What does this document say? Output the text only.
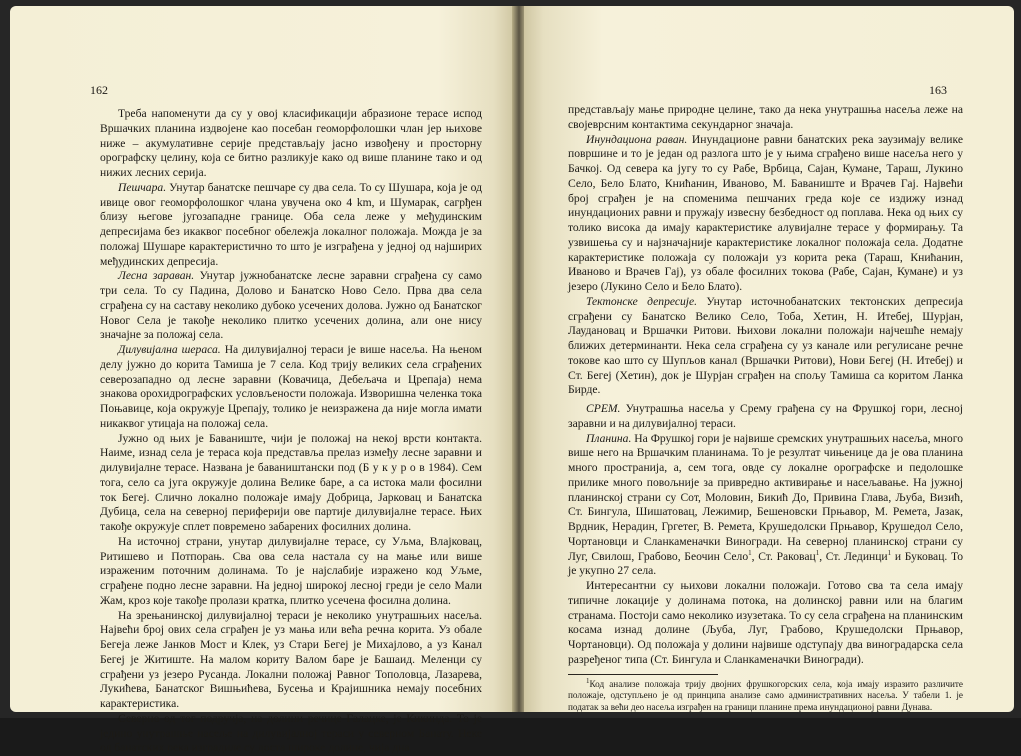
162

Треба напоменути да су у овој класификацији абразионе терасе испод Вршачких планина издвојене као посебан геоморфолошки члан јер њихове ниже – акумулативне серије представљају јасно извођену и просторну орографску целину, која се битно разликује како од више планине тако и од нижих лесних серија.

Пешчара. Унутар банатске пешчаре су два села. То су Шушара, која је од ивице овог геоморфолошког члана увучена око 4 km, и Шумарак, сагрђен близу његове југозападне границе. Оба села леже у међудинским депресијама без икаквог посебног обележја локалног положаја. Можда је за положај Шушаре карактеристично то што је изграђена у једној од најширих међудинских депресија.

Лесна зараван. Унутар јужнобанатске лесне заравни сграђена су само три села. То су Падина, Долово и Банатско Ново Село. Прва два села сграђена су на саставу неколико дубоко усечених долова. Јужно од Банатског Новог Села је такође неколико плитко усечених долина, али оне нису значајне за положај села.

Дилувијална шераса. На дилувијалној тераси је више насеља. На њеном делу јужно до корита Тамиша је 7 села. Код трију великих села сграђених северозападно од лесне заравни (Ковачица, Дебељача и Црепаја) нема знакова орохидрографских условљености положаја. Изворишна челенка тока Поњавице, која окружује Црепају, толико је неизражена да није могла имати никаквог утицаја на положај села.

Јужно од њих је Бавaниште, чији је положај на некој врсти контакта. Наиме, изнад села је тераса која представља прелаз између лесне заравни и дилувијалне терасе. Названа је бaваништански под (Б у к у р о в 1984). Сем тога, село са југа окружује долина Велике баре, а са истока мали фосилни ток Бегеј. Слично локално положаје имају Добрица, Јарковац и Банатска Дубица, села на северној периферији ове партије дилувијалне терасе. Њих такође окружује сплет повремено забарених фосилних долина.

На источној страни, унутар дилувијалне терасе, су Уљма, Влајковац, Ритишево и Потпорањ. Сва ова села настала су на мање или више израженим поточним долинама. То је најслабије изражено код Уљме, сграђене подно лесне заравни. На једној широкој лесној греди је село Мали Жам, кроз које такође пролази кратка, плитко усечена фосилна долина.

На зрењанинској дилувијалној тераси је неколико унутрашњих насеља. Највећи број ових села сграђен је уз мања или већа речна корита. Уз обале Бегеја леже Јанков Мост и Клек, уз Стари Бегеј је Михајлово, а уз Канал Бегеј је Житиште. На малом кориту Валом баре је Башаид. Меленци су сграђени уз језеро Русанда. Локални положај Равног Тополовца, Лазарева, Лукићева, Банатског Вишњићева, Бусења и Крајишника немају посебних карактеристика.

Северно од тог подручја, на долини речице Галацке, је Кикинда. То је једино унутрашње насеље на дилувијалној тераси у северном Банату. Неке од банатских река изградиле су доста широке долине, чија дна

163

представљају мање природне целине, тако да нека унутрашња насеља леже на својеврсним контактима секундарног значаја.

Инундациона раван. Инундационе равни банатских река заузимају велике површине и то је један од разлога што је у њима сграђено више насеља него у Бачкој. Од севера ка југу то су Рабе, Врбица, Сајан, Кумане, Тараш, Лукино Село, Бело Блато, Книћанин, Иваново, М. Бавaниште и Врачев Гај. Највећи број сграђен је на споменима пешчаних греда које се издижу изнад инундационих равни и пружају извесну безбедност од поплава. Нека од њих су толико висока да имају карактеристике алувијалне терасе у формирању. Та узвишења су и најзначајније карактеристике локалног положаја села. Додатне карактеристике положаја су положаји уз корита река (Тараш, Книћанин, Иваново и Врачев Гај), уз обале фосилних токова (Рабе, Сајан, Кумане) и уз језеро (Лукино Село и Бело Блато).

Тектонске депресије. Унутар источнобанатских тектонских депресија сграђени су Банатско Велико Село, Тоба, Хетин, Н. Итебеј, Шурјан, Лаудановац и Вршачки Ритови. Њихови локални положаји најчешће немају ближих детерминанти. Нека села сграђена су уз канале или регулисане речне токове као што су Шупљов канал (Вршачки Ритови), Нови Бегеј (Н. Итебеј) и Ст. Бегеј (Хетин), док је Шурјан сграђен на спољу Тамиша са коритом Ланка Бирде.

СРЕМ. Унутрашња насеља у Срему грађена су на Фрушкој гори, лесној заравни и на дилувијалној тераси.

Планина. На Фрушкој гори је највише сремских унутрашњих насеља, много више него на Вршачким планинама. То је резултат чињенице да је ова планина много пространија, а, сем тога, овде су локалне орографске и педолошке прилике много повољније за привредно активирање и насељавање. На јужној планинској страни су Сот, Моловин, Бикић До, Привина Глава, Љуба, Визић, Ст. Бингула, Шишатовац, Лежимир, Бешеновски Прњавор, М. Ремета, Јазак, Врдник, Нерадин, Гргетег, В. Ремета, Крушедолски Прњавор, Крушедол Село, Чортановци и Сланкаменачки Виногради. На северној планинској страни су Луг, Свилош, Грабово, Беочин Село$^1$, Ст. Раковац$^1$, Ст. Лединци$^1$ и Буковац. То је укупно 27 села.

Интересантни су њихови локални положаји. Готово сва та села имају типичне локације у долинама потока, на долинској равни или на благим странама. Постоји само неколико изузетака. То су села сграђена на планинским косама изнад долине (Љуба, Луг, Грабово, Крушедолски Прњавор, Чортановци). Од положаја у долини највише одступају два виноградарска села разређеног типа (Ст. Бингула и Сланкаменачки Виногради).

$^1$Код анализе положаја трију двојних фрушкогорских села, која имају изразито различите положаје, одступљено је од принципа анализе само административних насеља. У табели 1. је податак за већи део насеља изграђен на граници планине према инундационој равни Дунава.
